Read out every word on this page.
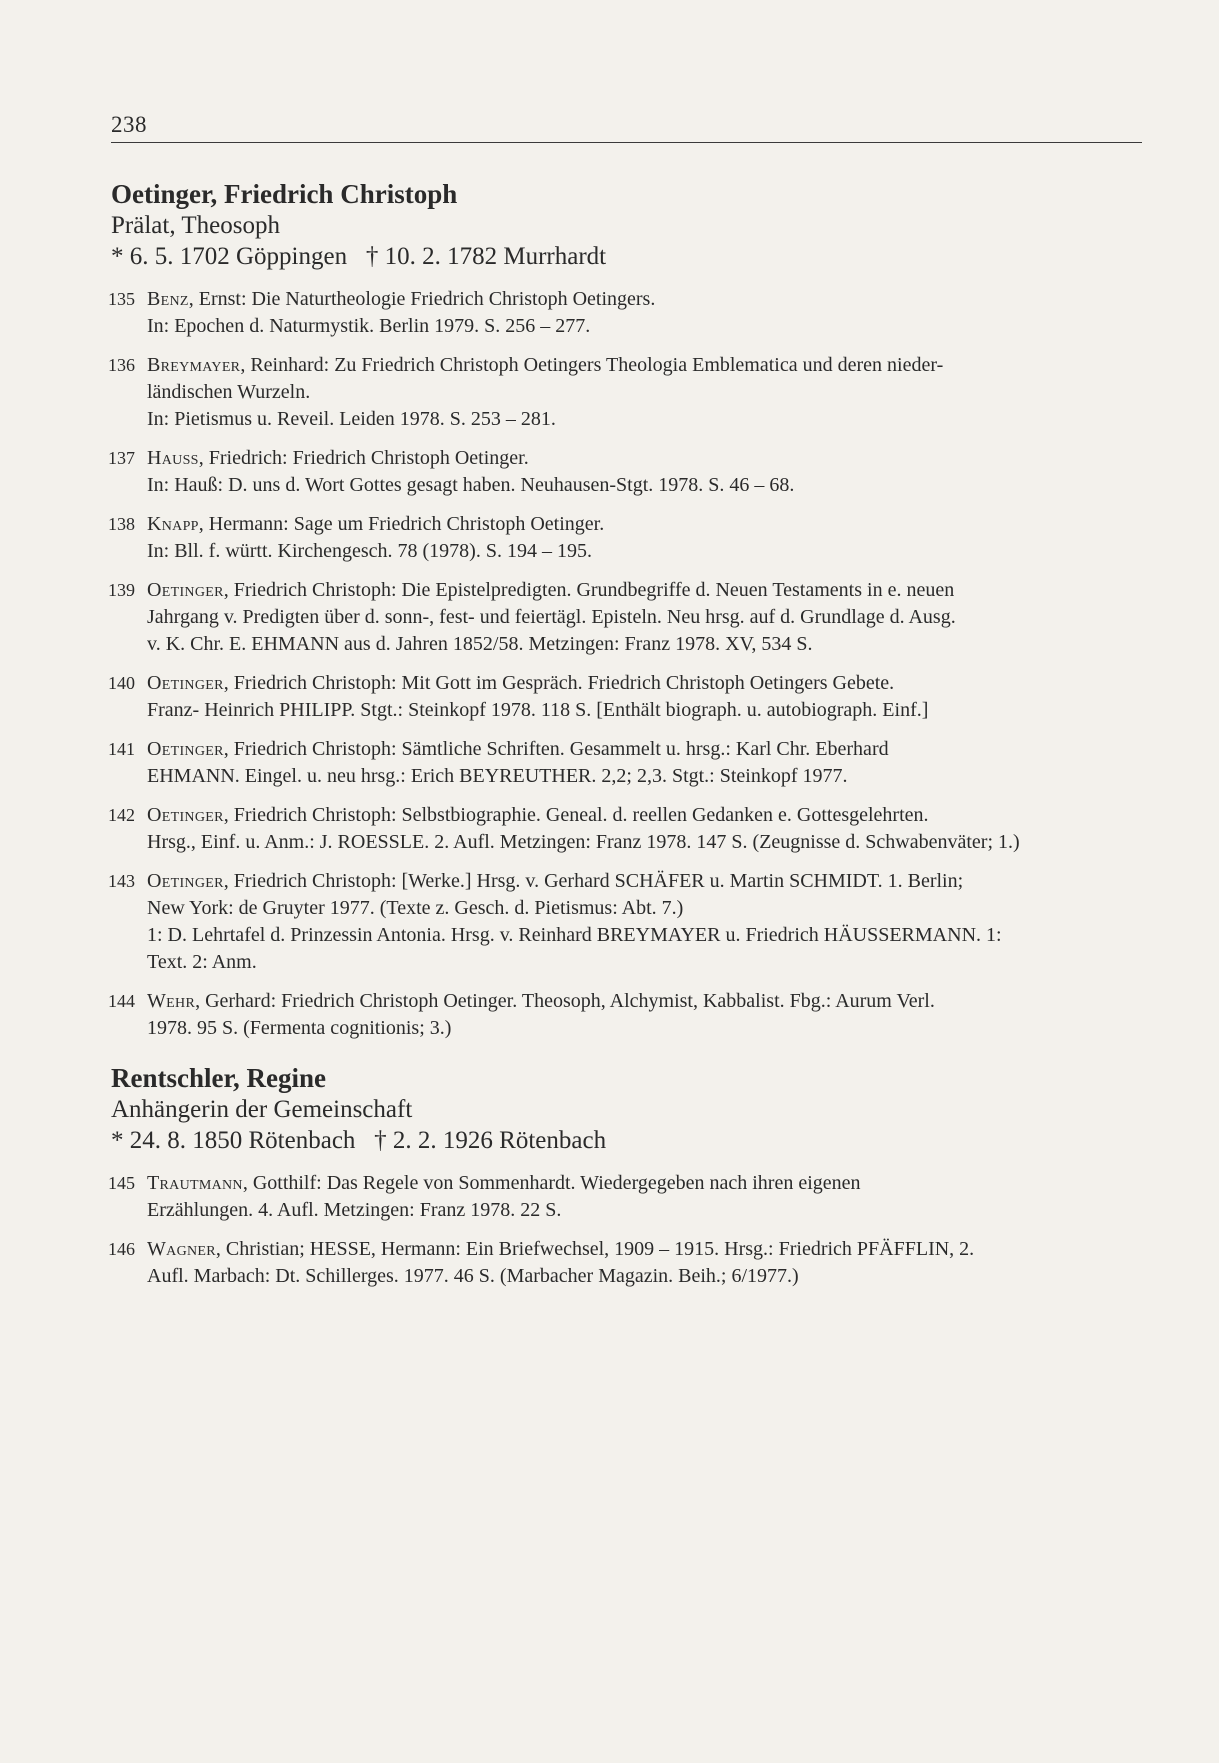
238
Oetinger, Friedrich Christoph
Prälat, Theosoph
* 6. 5. 1702 Göppingen   † 10. 2. 1782 Murrhardt
135 Benz, Ernst: Die Naturtheologie Friedrich Christoph Oetingers.
In: Epochen d. Naturmystik. Berlin 1979. S. 256 – 277.
136 Breymayer, Reinhard: Zu Friedrich Christoph Oetingers Theologia Emblematica und deren nieder-
ländischen Wurzeln.
In: Pietismus u. Reveil. Leiden 1978. S. 253 – 281.
137 Hauss, Friedrich: Friedrich Christoph Oetinger.
In: Hauß: D. uns d. Wort Gottes gesagt haben. Neuhausen-Stgt. 1978. S. 46 – 68.
138 Knapp, Hermann: Sage um Friedrich Christoph Oetinger.
In: Bll. f. württ. Kirchengesch. 78 (1978). S. 194 – 195.
139 Oetinger, Friedrich Christoph: Die Epistelpredigten. Grundbegriffe d. Neuen Testaments in e. neuen
Jahrgang v. Predigten über d. sonn-, fest- und feiertägl. Episteln. Neu hrsg. auf d. Grundlage d. Ausg.
v. K. Chr. E. EHMANN aus d. Jahren 1852/58. Metzingen: Franz 1978. XV, 534 S.
140 Oetinger, Friedrich Christoph: Mit Gott im Gespräch. Friedrich Christoph Oetingers Gebete.
Franz- Heinrich PHILIPP. Stgt.: Steinkopf 1978. 118 S. [Enthält biograph. u. autobiograph. Einf.]
141 Oetinger, Friedrich Christoph: Sämtliche Schriften. Gesammelt u. hrsg.: Karl Chr. Eberhard
EHMANN. Eingel. u. neu hrsg.: Erich BEYREUTHER. 2,2; 2,3. Stgt.: Steinkopf 1977.
142 Oetinger, Friedrich Christoph: Selbstbiographie. Geneal. d. reellen Gedanken e. Gottesgelehrten.
Hrsg., Einf. u. Anm.: J. ROESSLE. 2. Aufl. Metzingen: Franz 1978. 147 S. (Zeugnisse d. Schwabenväter; 1.)
143 Oetinger, Friedrich Christoph: [Werke.] Hrsg. v. Gerhard SCHÄFER u. Martin SCHMIDT. 1. Berlin;
New York: de Gruyter 1977. (Texte z. Gesch. d. Pietismus: Abt. 7.)
1: D. Lehrtafel d. Prinzessin Antonia. Hrsg. v. Reinhard BREYMAYER u. Friedrich HÄUSSERMANN. 1:
Text. 2: Anm.
144 Wehr, Gerhard: Friedrich Christoph Oetinger. Theosoph, Alchymist, Kabbalist. Fbg.: Aurum Verl.
1978. 95 S. (Fermenta cognitionis; 3.)
Rentschler, Regine
Anhängerin der Gemeinschaft
* 24. 8. 1850 Rötenbach   † 2. 2. 1926 Rötenbach
145 Trautmann, Gotthilf: Das Regele von Sommenhardt. Wiedergegeben nach ihren eigenen
Erzählungen. 4. Aufl. Metzingen: Franz 1978. 22 S.
146 Wagner, Christian; HESSE, Hermann: Ein Briefwechsel, 1909 – 1915. Hrsg.: Friedrich PFÄFFLIN, 2.
Aufl. Marbach: Dt. Schillerges. 1977. 46 S. (Marbacher Magazin. Beih.; 6/1977.)
